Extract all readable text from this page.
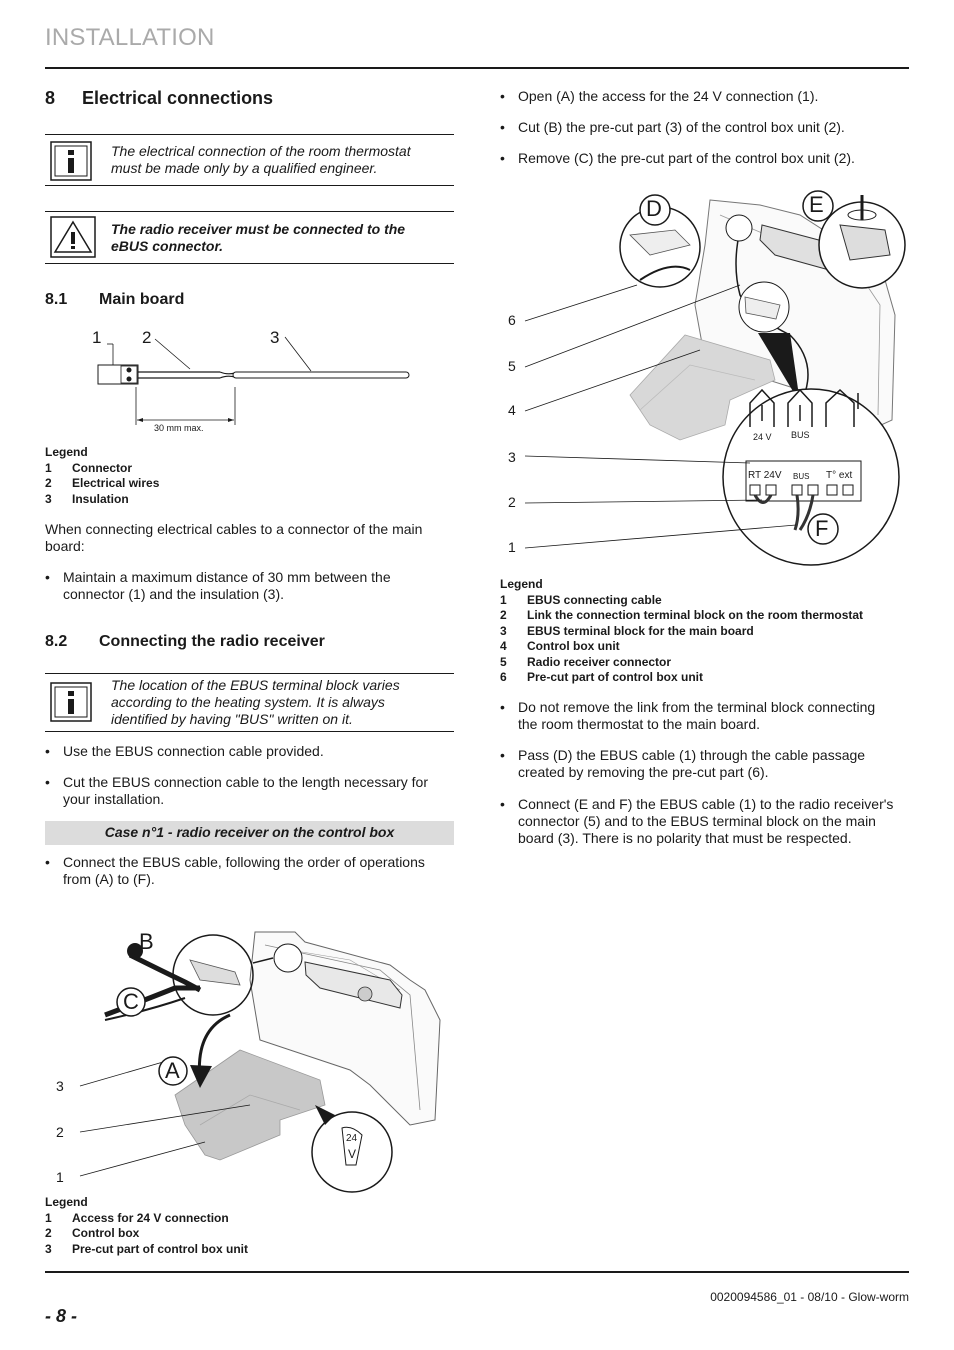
INSTALLATION
8 Electrical connections
The electrical connection of the room thermostat must be made only by a qualified engineer.
The radio receiver must be connected to the eBUS connector.
8.1 Main board
1 2	3
30 mm max.
Legend
1 Connector
2 Electrical wires
3 Insulation
When connecting electrical cables to a connector of the main
board:
• Maintain a maximum distance of 30 mm between the
connector (1) and the insulation (3).
8.2 Connecting the radio receiver
The location of the EBUS terminal block varies
according to the heating system. It is always
identified by having "BUS" written on it.
• Use the EBUS connection cable provided.
• Cut the EBUS connection cable to the length necessary for
your installation.
Case n°1 - radio receiver on the control box
• Connect the EBUS cable, following the order of operations
from (A) to (F).
B
C
A
24
V
3
2
1
Legend
1 Access for 24 V connection
2 Control box
3 Pre-cut part of control box unit
• Open (A) the access for the 24 V connection (1).
• Cut (B) the pre-cut part (3) of the control box unit (2).
• Remove (C) the pre-cut part of the control box unit (2).
D	E
F
24 V BUS
RT 24V BUS T° ext
6
5
4
3
2
1
Legend
1 EBUS connecting cable
2 Link the connection terminal block on the room thermostat
3 EBUS terminal block for the main board
4 Control box unit
5 Radio receiver connector
6 Pre-cut part of control box unit
• Do not remove the link from the terminal block connecting
the room thermostat to the main board.
• Pass (D) the EBUS cable (1) through the cable passage
created by removing the pre-cut part (6).
• Connect (E and F) the EBUS cable (1) to the radio receiver's
connector (5) and to the EBUS terminal block on the main
board (3). There is no polarity that must be respected.
- 8 -
0020094586_01 - 08/10 - Glow-worm
